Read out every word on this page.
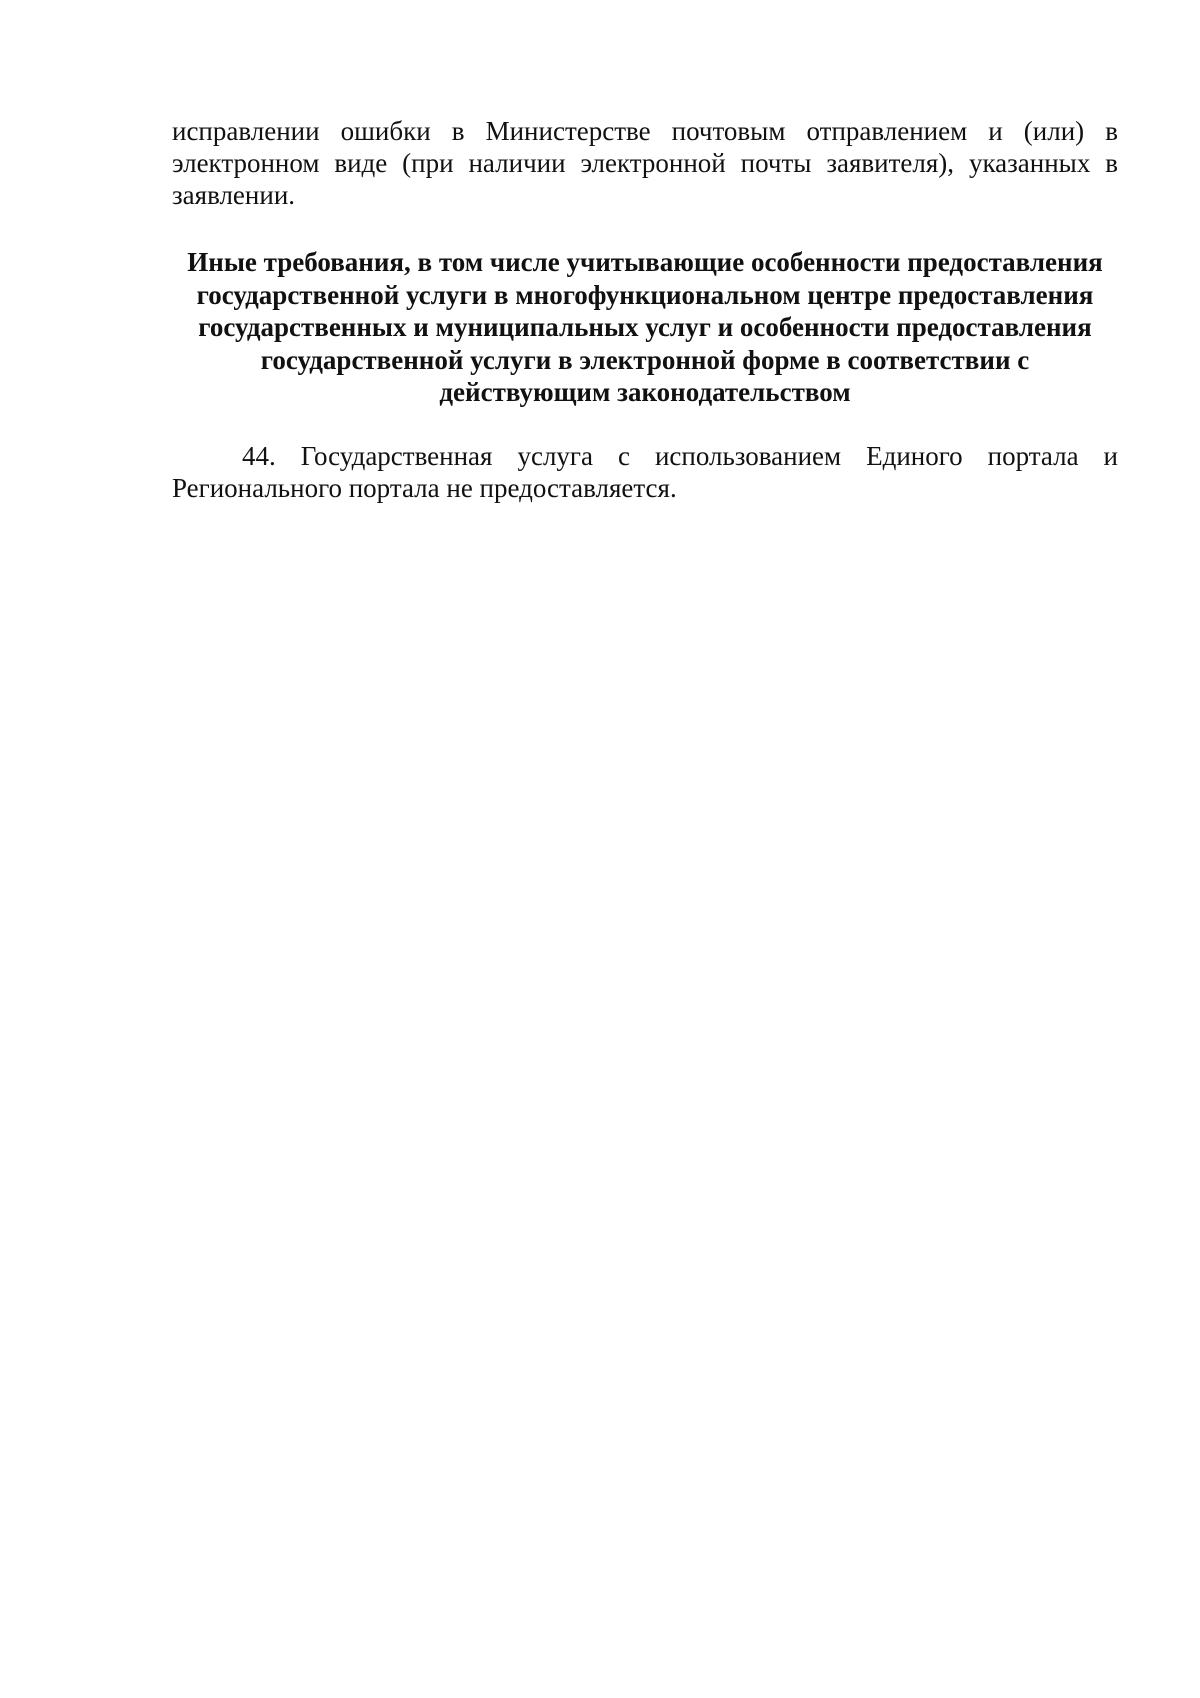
исправлении ошибки в Министерстве почтовым отправлением и (или) в электронном виде (при наличии электронной почты заявителя), указанных в заявлении.

Иные требования, в том числе учитывающие особенности предоставления государственной услуги в многофункциональном центре предоставления государственных и муниципальных услуг и особенности предоставления государственной услуги в электронной форме в соответствии с действующим законодательством

44. Государственная услуга с использованием Единого портала и Регионального портала не предоставляется.
